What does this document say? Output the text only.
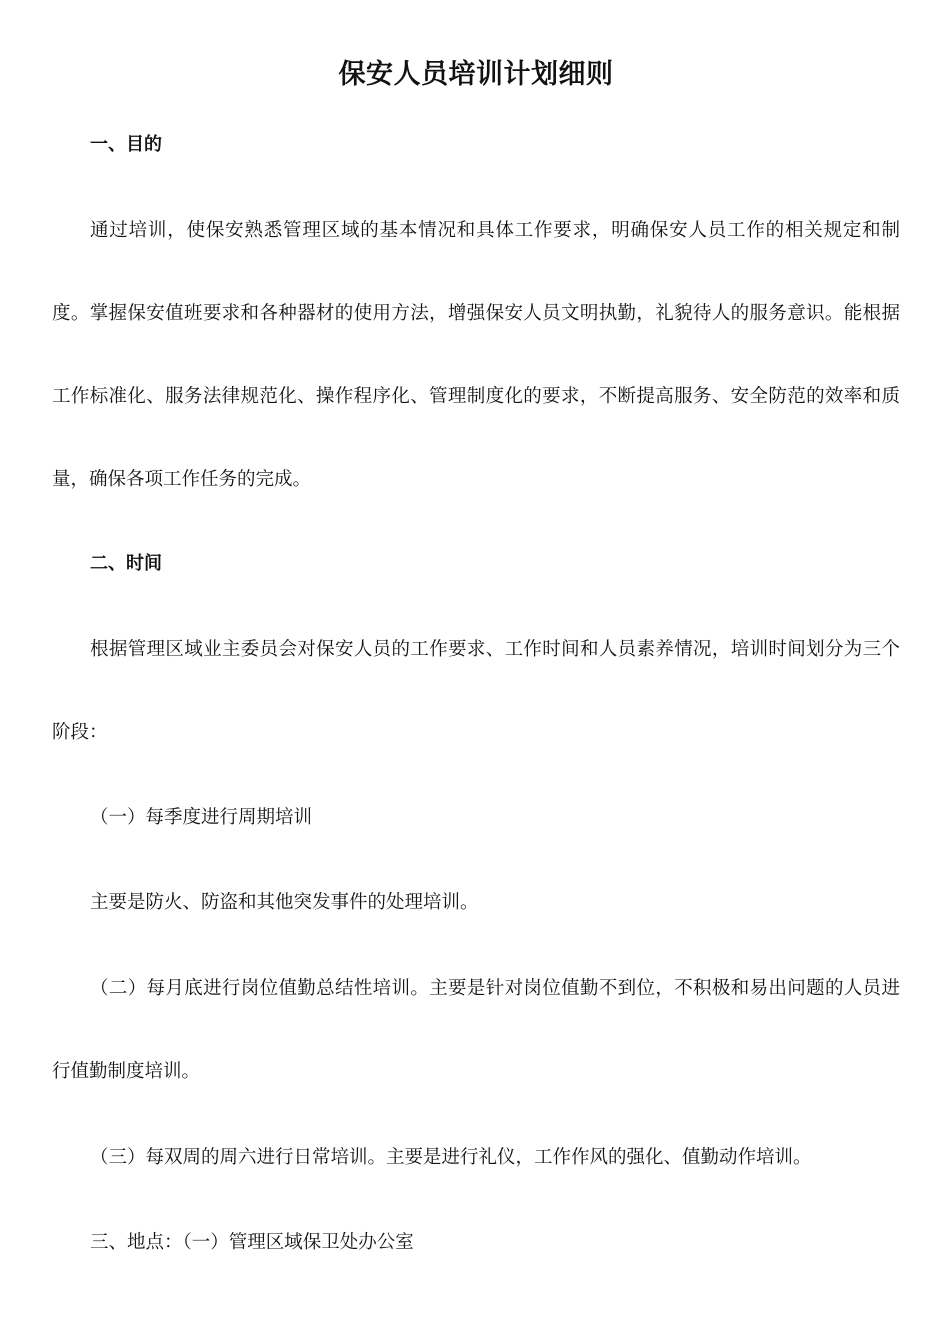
保安人员培训计划细则
一、目的
通过培训，使保安熟悉管理区域的基本情况和具体工作要求，明确保安人员工作的相关规定和制度。掌握保安值班要求和各种器材的使用方法，增强保安人员文明执勤，礼貌待人的服务意识。能根据工作标准化、服务法律规范化、操作程序化、管理制度化的要求，不断提高服务、安全防范的效率和质量，确保各项工作任务的完成。
二、时间
根据管理区域业主委员会对保安人员的工作要求、工作时间和人员素养情况，培训时间划分为三个阶段：
（一）每季度进行周期培训
主要是防火、防盗和其他突发事件的处理培训。
（二）每月底进行岗位值勤总结性培训。主要是针对岗位值勤不到位，不积极和易出问题的人员进行值勤制度培训。
（三）每双周的周六进行日常培训。主要是进行礼仪，工作作风的强化、值勤动作培训。
三、地点：（一）管理区域保卫处办公室
